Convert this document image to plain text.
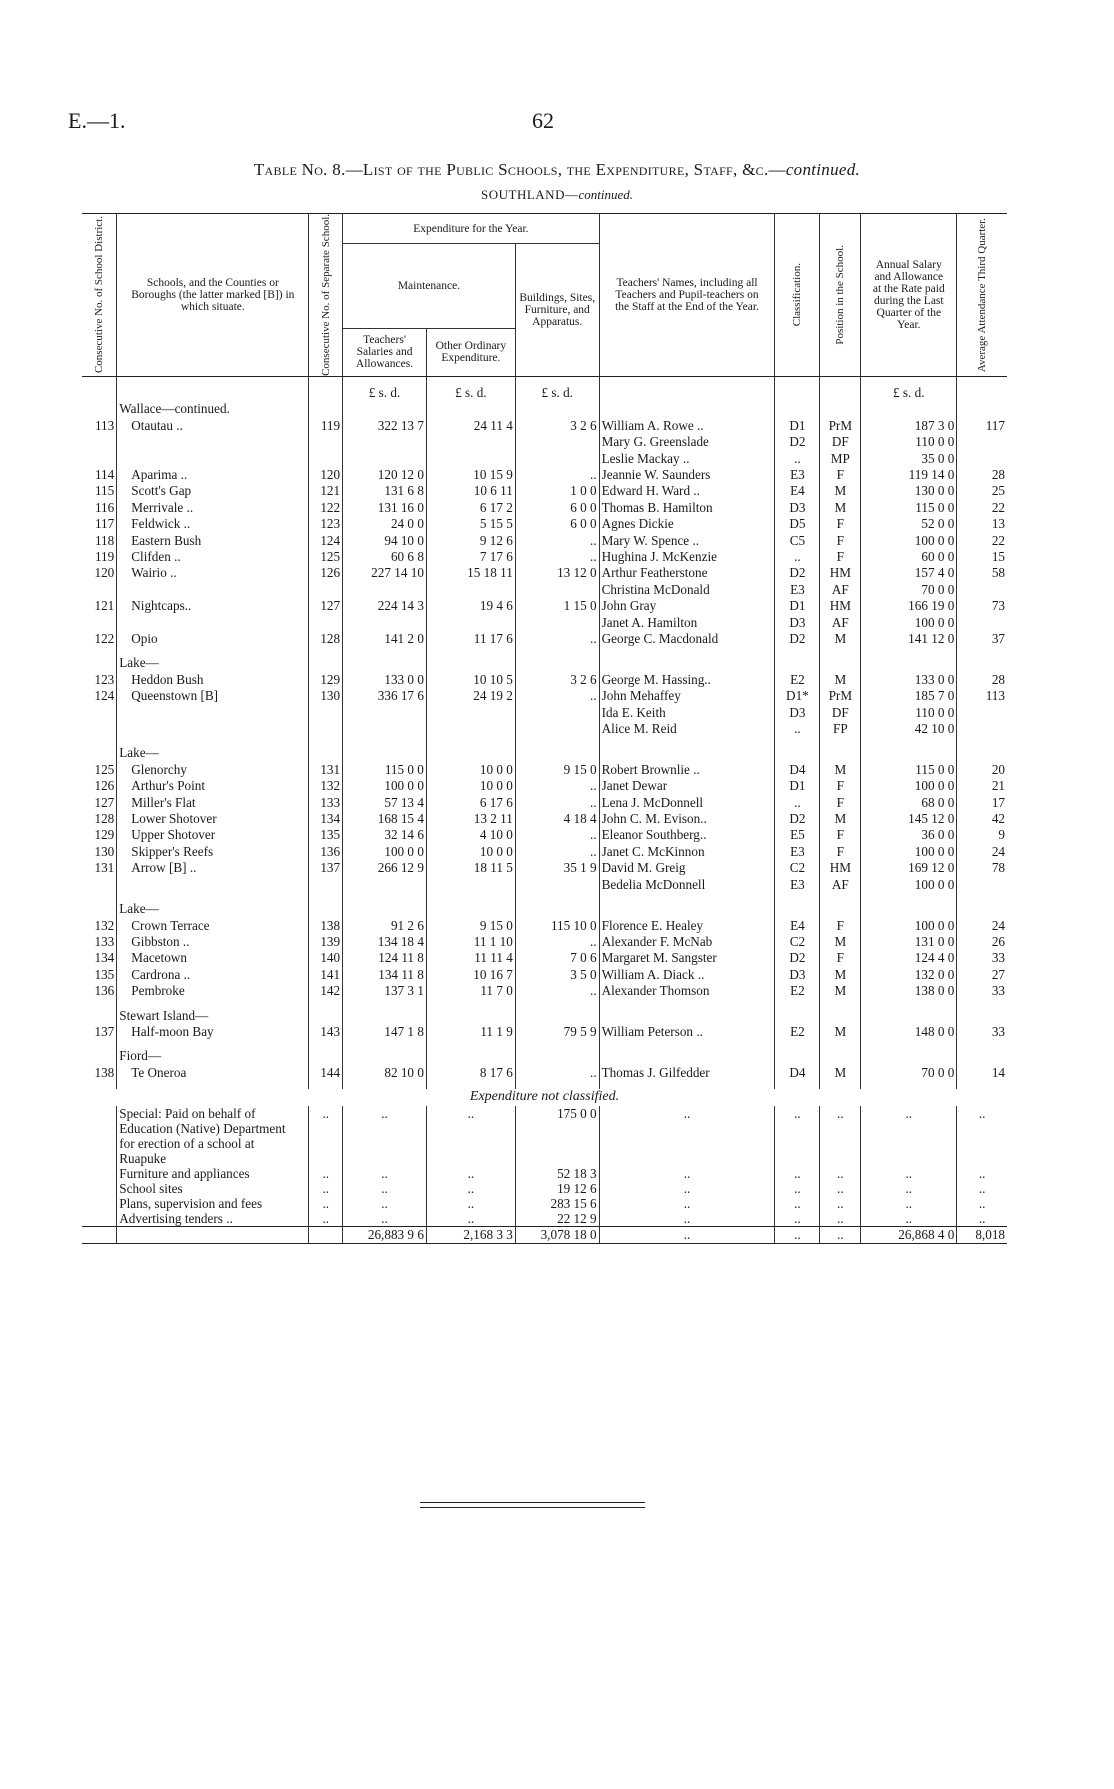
E.—1.	62
Table No. 8.—List of the Public Schools, the Expenditure, Staff, &c.—continued.
SOUTHLAND—continued.
Consecutive No. of School District.	Schools, and the Counties or Boroughs (the latter marked [B]) in which situate.	Consecutive No. of Separate School.	Expenditure for the Year.			Teachers' Names, including all Teachers and Pupil-teachers on the Staff at the End of the Year.	Classification.	Position in the School.	Annual Salary and Allowance at the Rate paid during the Last Quarter of the Year.	Average Attendance Third Quarter.

			Maintenance.		Buildings, Sites, Furniture, and Apparatus.					
			Teachers' Salaries and Allowances.	Other Ordinary Expenditure.						

			£ s. d.	£ s. d.	£ s. d.				£ s. d.	
	Wallace—continued.									
113	Otautau ..	119	322 13 7	24 11 4	3 2 6	William A. Rowe ..	D1	PrM	187 3 0	117
						Mary G. Greenslade	D2	DF	110 0 0	
						Leslie Mackay ..	..	MP	35 0 0	
114	Aparima ..	120	120 12 0	10 15 9	..	Jeannie W. Saunders	E3	F	119 14 0	28
115	Scott's Gap	121	131 6 8	10 6 11	1 0 0	Edward H. Ward ..	E4	M	130 0 0	25
116	Merrivale ..	122	131 16 0	6 17 2	6 0 0	Thomas B. Hamilton	D3	M	115 0 0	22
117	Feldwick ..	123	24 0 0	5 15 5	6 0 0	Agnes Dickie	D5	F	52 0 0	13
118	Eastern Bush	124	94 10 0	9 12 6	..	Mary W. Spence ..	C5	F	100 0 0	22
119	Clifden ..	125	60 6 8	7 17 6	..	Hughina J. McKenzie	..	F	60 0 0	15
120	Wairio ..	126	227 14 10	15 18 11	13 12 0	Arthur Featherstone	D2	HM	157 4 0	58
						Christina McDonald	E3	AF	70 0 0	
121	Nightcaps..	127	224 14 3	19 4 6	1 15 0	John Gray	D1	HM	166 19 0	73
						Janet A. Hamilton	D3	AF	100 0 0	
122	Opio	128	141 2 0	11 17 6	..	George C. Macdonald	D2	M	141 12 0	37

	Lake—									
123	Heddon Bush	129	133 0 0	10 10 5	3 2 6	George M. Hassing..	E2	M	133 0 0	28
124	Queenstown [B]	130	336 17 6	24 19 2	..	John Mehaffey	D1*	PrM	185 7 0	113
						Ida E. Keith	D3	DF	110 0 0	
						Alice M. Reid	..	FP	42 10 0	

	Lake—									
125	Glenorchy	131	115 0 0	10 0 0	9 15 0	Robert Brownlie ..	D4	M	115 0 0	20
126	Arthur's Point	132	100 0 0	10 0 0	..	Janet Dewar	D1	F	100 0 0	21
127	Miller's Flat	133	57 13 4	6 17 6	..	Lena J. McDonnell	..	F	68 0 0	17
128	Lower Shotover	134	168 15 4	13 2 11	4 18 4	John C. M. Evison..	D2	M	145 12 0	42
129	Upper Shotover	135	32 14 6	4 10 0	..	Eleanor Southberg..	E5	F	36 0 0	9
130	Skipper's Reefs	136	100 0 0	10 0 0	..	Janet C. McKinnon	E3	F	100 0 0	24
131	Arrow [B] ..	137	266 12 9	18 11 5	35 1 9	David M. Greig	C2	HM	169 12 0	78
						Bedelia McDonnell	E3	AF	100 0 0	

	Lake—									
132	Crown Terrace	138	91 2 6	9 15 0	115 10 0	Florence E. Healey	E4	F	100 0 0	24
133	Gibbston ..	139	134 18 4	11 1 10	..	Alexander F. McNab	C2	M	131 0 0	26
134	Macetown	140	124 11 8	11 11 4	7 0 6	Margaret M. Sangster	D2	F	124 4 0	33
135	Cardrona ..	141	134 11 8	10 16 7	3 5 0	William A. Diack ..	D3	M	132 0 0	27
136	Pembroke	142	137 3 1	11 7 0	..	Alexander Thomson	E2	M	138 0 0	33

	Stewart Island—									
137	Half-moon Bay	143	147 1 8	11 1 9	79 5 9	William Peterson ..	E2	M	148 0 0	33

	Fiord—									
138	Te Oneroa	144	82 10 0	8 17 6	..	Thomas J. Gilfedder	D4	M	70 0 0	14

Expenditure not classified.										
	Special: Paid on behalf of Education (Native) Department for erection of a school at Ruapuke	..	..	..	175 0 0	..	..	..	..	..
	Furniture and appliances	..	..	..	52 18 3	..	..	..	..	..
	School sites	..	..	..	19 12 6	..	..	..	..	..
	Plans, supervision and fees	..	..	..	283 15 6	..	..	..	..	..
	Advertising tenders ..	..	..	..	22 12 9	..	..	..	..	..
			26,883 9 6	2,168 3 3	3,078 18 0	..	..	..	26,868 4 0	8,018
